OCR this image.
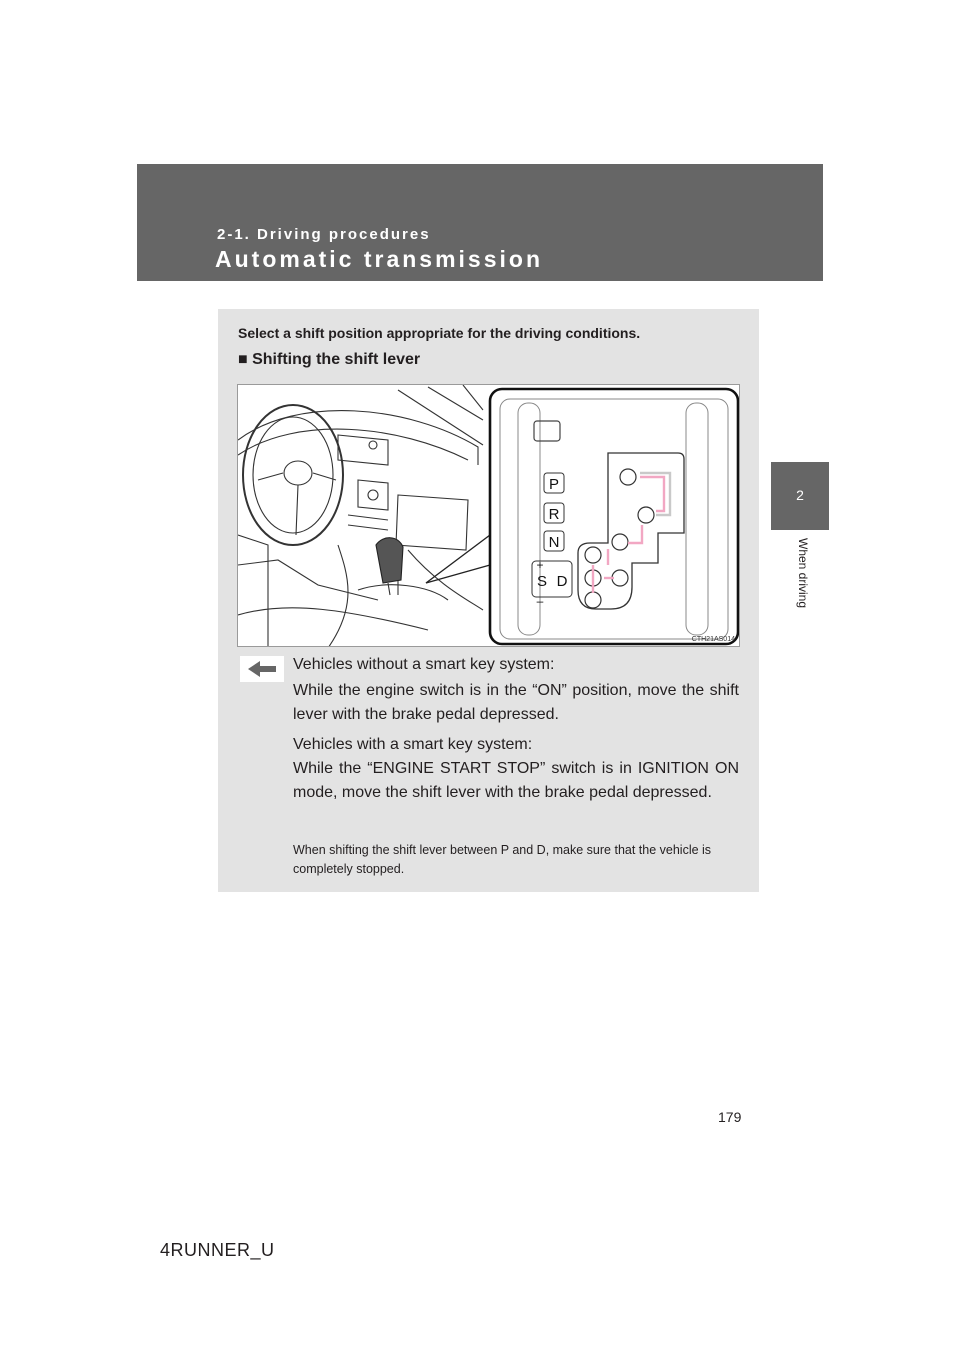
2-1. Driving procedures
Automatic transmission
2
When driving
Select a shift position appropriate for the driving conditions.
■ Shifting the shift lever
P
R
N
+
S D
–
CTH21AS014
Vehicles without a smart key system:
While the engine switch is in the “ON” position, move the shift lever with the brake pedal depressed.
Vehicles with a smart key system:
While the “ENGINE START STOP” switch is in IGNITION ON mode, move the shift lever with the brake pedal depressed.
When shifting the shift lever between P and D, make sure that the vehicle is completely stopped.
179
4RUNNER_U
